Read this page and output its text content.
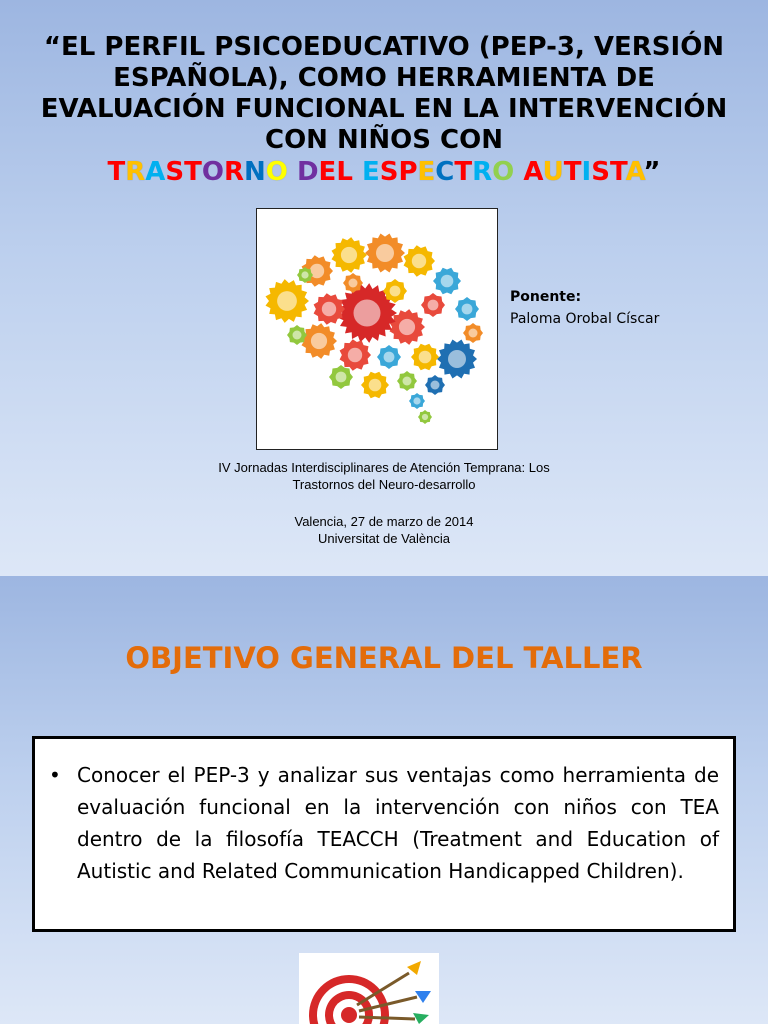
“EL PERFIL PSICOEDUCATIVO (PEP-3, VERSIÓN
ESPAÑOLA), COMO HERRAMIENTA DE
EVALUACIÓN FUNCIONAL EN LA INTERVENCIÓN
CON NIÑOS CON
TRASTORNO DEL ESPECTRO AUTISTA”
Ponente:
Paloma Orobal Císcar
IV Jornadas Interdisciplinares de Atención Temprana: Los
Trastornos del Neuro-desarrollo
Valencia, 27 de marzo de 2014
Universitat de València
OBJETIVO GENERAL DEL TALLER
• Conocer el PEP-3 y analizar sus ventajas como herramienta de evaluación funcional en la intervención con niños con TEA dentro de la filosofía TEACCH (Treatment and Education of Autistic and Related Communication Handicapped Children).
